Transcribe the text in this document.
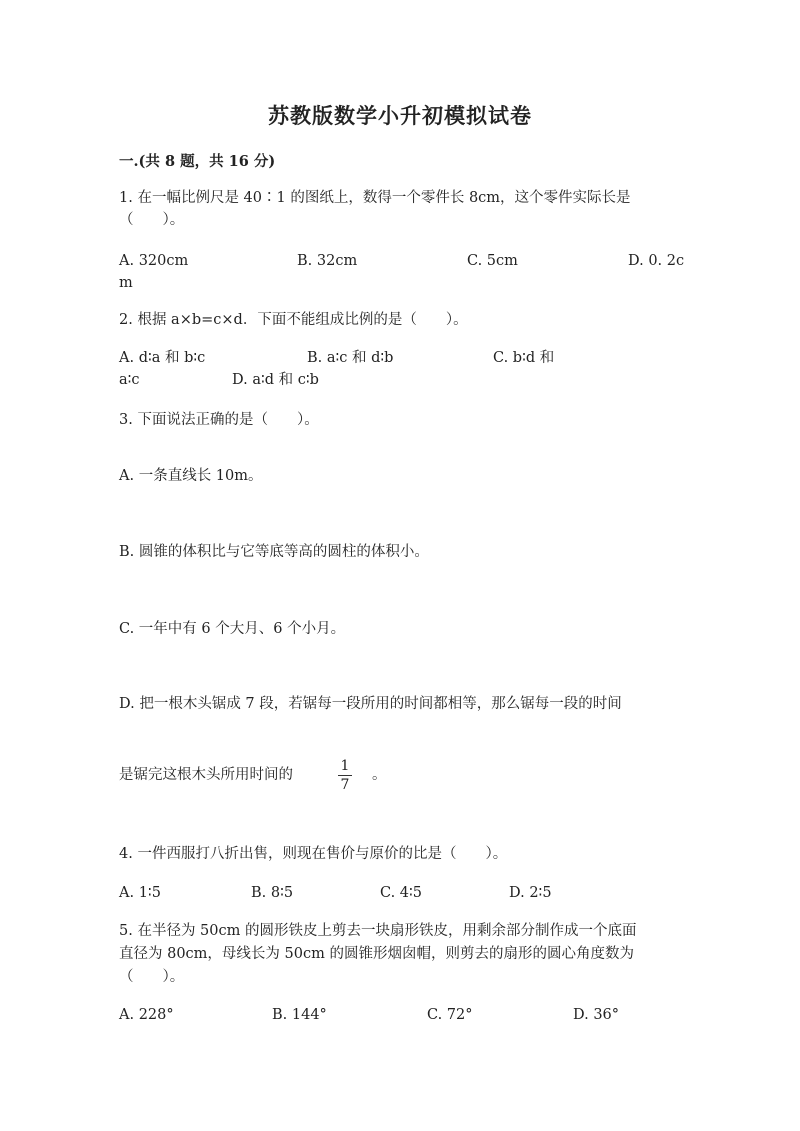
苏教版数学小升初模拟试卷
一.(共 8 题，共 16 分)
1. 在一幅比例尺是 40∶1 的图纸上，数得一个零件长 8cm，这个零件实际长是
（　　）。
A. 320cm	B. 32cm	C. 5cm	D. 0. 2c
m
2. 根据 a×b=c×d．下面不能组成比例的是（　　）。
A. d∶a 和 b∶c	B. a∶c 和 d∶b	C. b∶d 和
a∶c	D. a∶d 和 c∶b
3. 下面说法正确的是（　　）。
A. 一条直线长 10m。
B. 圆锥的体积比与它等底等高的圆柱的体积小。
C. 一年中有 6 个大月、6 个小月。
D. 把一根木头锯成 7 段，若锯每一段所用的时间都相等，那么锯每一段的时间
是锯完这根木头所用时间的
1
7
。
4. 一件西服打八折出售，则现在售价与原价的比是（　　）。
A. 1∶5	B. 8∶5	C. 4∶5	D. 2∶5
5. 在半径为 50cm 的圆形铁皮上剪去一块扇形铁皮，用剩余部分制作成一个底面
直径为 80cm，母线长为 50cm 的圆锥形烟囱帽，则剪去的扇形的圆心角度数为
（　　）。
A. 228°	B. 144°	C. 72°	D. 36°
